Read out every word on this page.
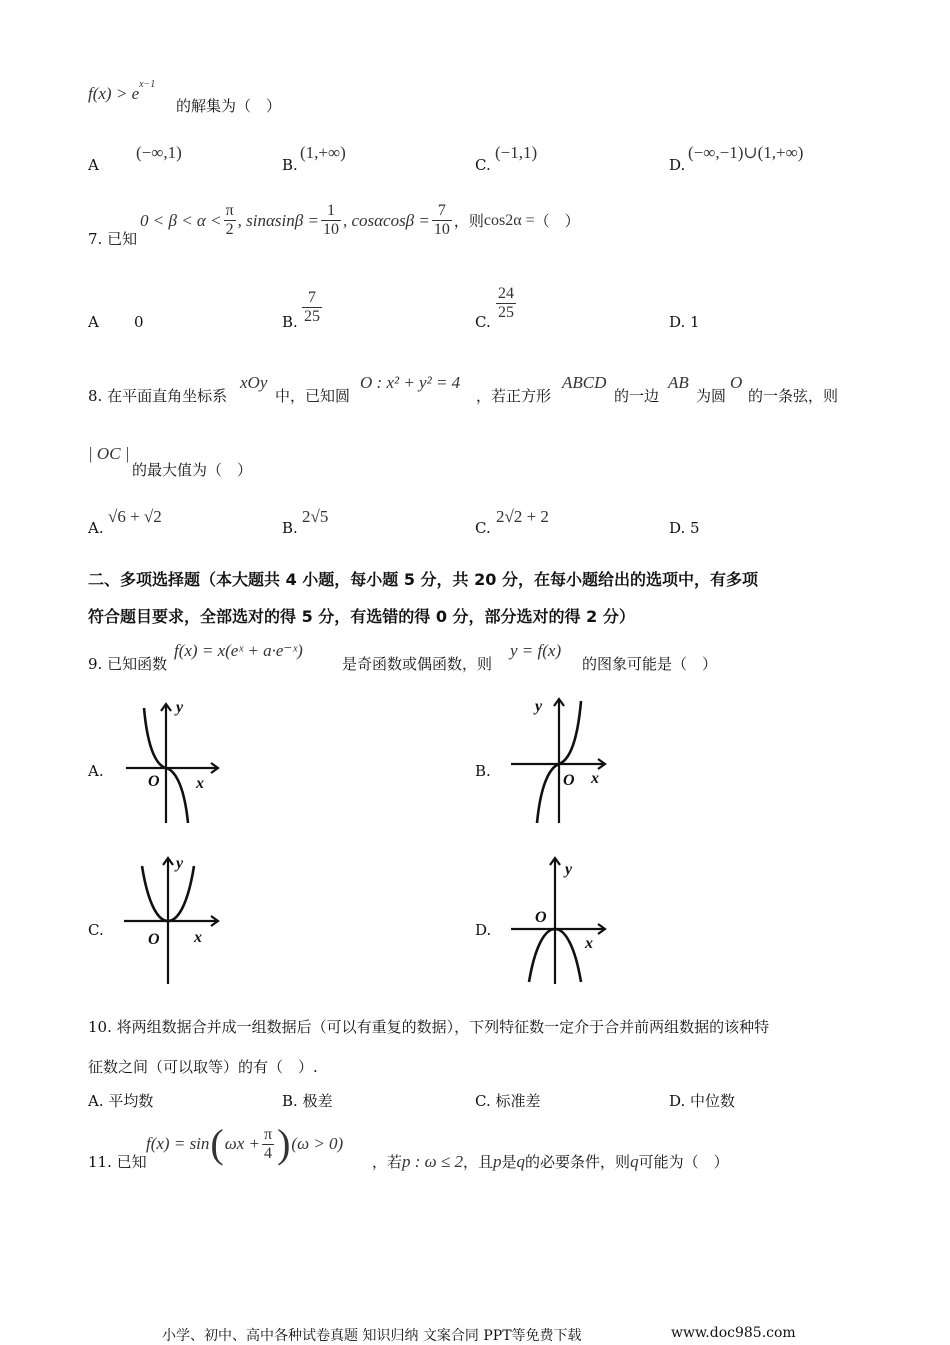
$f(x) > e^{x-1}$
的解集为（　）
A
(−∞,1)
B.
(1,+∞)
C.
(−1,1)
D.
(−∞,−1)∪(1,+∞)
7. 已知
$0 < \beta < \alpha < \frac{\pi}{2}$ , $\sin\alpha\sin\beta = \frac{1}{10}$ , $\cos\alpha\cos\beta = \frac{7}{10}$ ，则 cos2α = （　）
A 0	B. $\frac{7}{25}$	C. $\frac{24}{25}$	D. 1
8. 在平面直角坐标系
xOy
中，已知圆
O : x² + y² = 4
，若正方形
ABCD
的一边
AB
为圆
O
的一条弦，则
| OC |
的最大值为（　）
A.
√6 + √2
B.
2√5
C.
2√2 + 2
D. 5
二、多项选择题（本大题共 4 小题，每小题 5 分，共 20 分，在每小题给出的选项中，有多项
符合题目要求，全部选对的得 5 分，有选错的得 0 分，部分选对的得 2 分）
9. 已知函数
f(x) = x(eˣ + a·e⁻ˣ)
是奇函数或偶函数，则
y = f(x)
的图象可能是（　）
A.	B.
C.	D.
y
x
O
y
x
O
y
x
O
y
x
O
10. 将两组数据合并成一组数据后（可以有重复的数据），下列特征数一定介于合并前两组数据的该种特
征数之间（可以取等）的有（　）.
A. 平均数	B. 极差	C. 标准差	D. 中位数
11. 已知
f(x) = sin ( $\omega x + \frac{\pi}{4}$ ) (ω > 0)
，若 p : ω ≤ 2 ，且 p 是 q 的必要条件，则 q 可能为（　）
小学、初中、高中各种试卷真题 知识归纳 文案合同 PPT等免费下载	www.doc985.com
